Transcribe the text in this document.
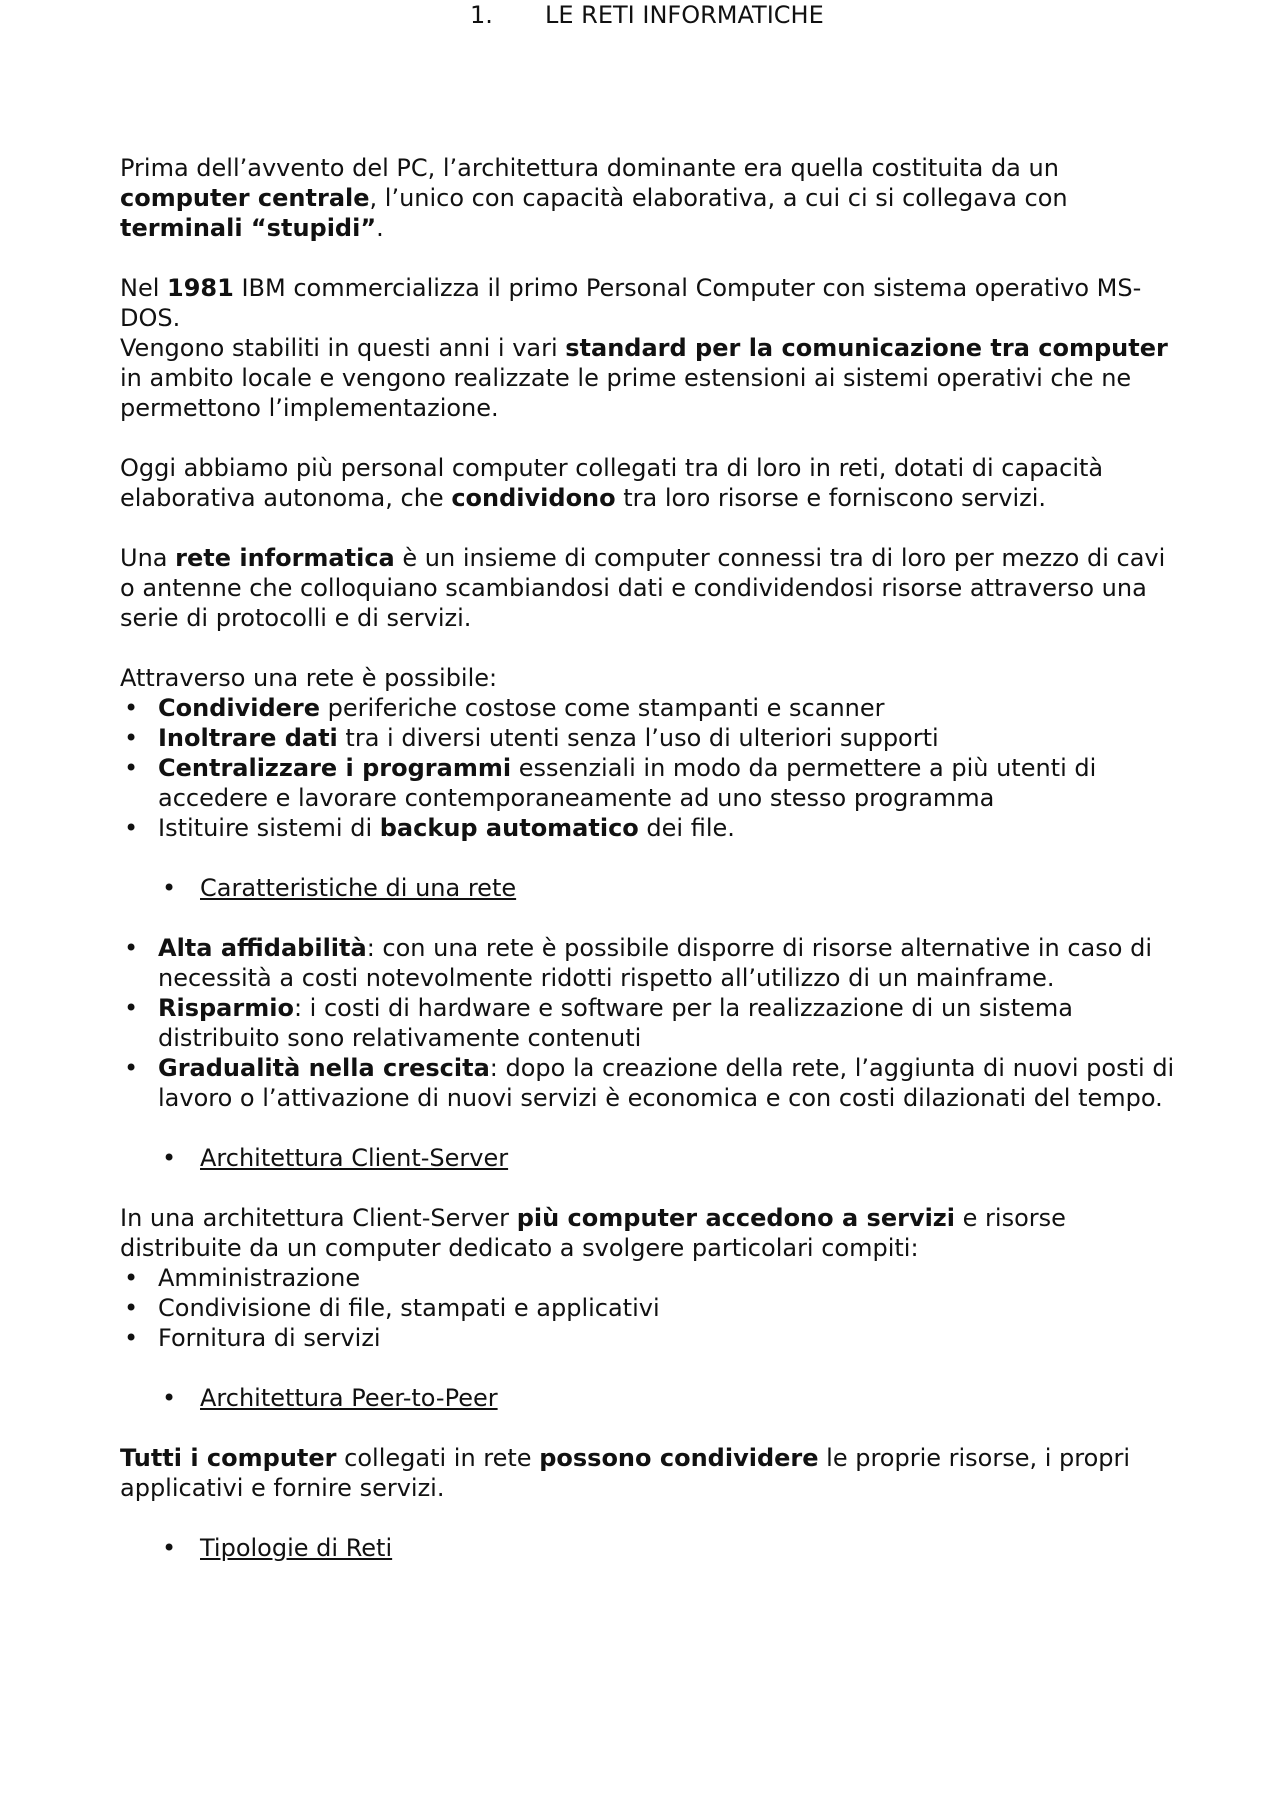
1. LE RETI INFORMATICHE

Prima dell’avvento del PC, l’architettura dominante era quella costituita da un computer centrale, l’unico con capacità elaborativa, a cui ci si collegava con terminali “stupidi”.

Nel 1981 IBM commercializza il primo Personal Computer con sistema operativo MS-DOS.

Vengono stabiliti in questi anni i vari standard per la comunicazione tra computer in ambito locale e vengono realizzate le prime estensioni ai sistemi operativi che ne permettono l’implementazione.

Oggi abbiamo più personal computer collegati tra di loro in reti, dotati di capacità elaborativa autonoma, che condividono tra loro risorse e forniscono servizi.

Una rete informatica è un insieme di computer connessi tra di loro per mezzo di cavi o antenne che colloquiano scambiandosi dati e condividendosi risorse attraverso una serie di protocolli e di servizi.

Attraverso una rete è possibile:

• Condividere periferiche costose come stampanti e scanner
• Inoltrare dati tra i diversi utenti senza l’uso di ulteriori supporti
• Centralizzare i programmi essenziali in modo da permettere a più utenti di accedere e lavorare contemporaneamente ad uno stesso programma
• Istituire sistemi di backup automatico dei file.
• Caratteristiche di una rete
• Alta affidabilità: con una rete è possibile disporre di risorse alternative in caso di necessità a costi notevolmente ridotti rispetto all’utilizzo di un mainframe.
• Risparmio: i costi di hardware e software per la realizzazione di un sistema distribuito sono relativamente contenuti
• Gradualità nella crescita: dopo la creazione della rete, l’aggiunta di nuovi posti di lavoro o l’attivazione di nuovi servizi è economica e con costi dilazionati del tempo.
• Architettura Client-Server

In una architettura Client-Server più computer accedono a servizi e risorse distribuite da un computer dedicato a svolgere particolari compiti:

• Amministrazione
• Condivisione di file, stampati e applicativi
• Fornitura di servizi
• Architettura Peer-to-Peer

Tutti i computer collegati in rete possono condividere le proprie risorse, i propri applicativi e fornire servizi.

• Tipologie di Reti
